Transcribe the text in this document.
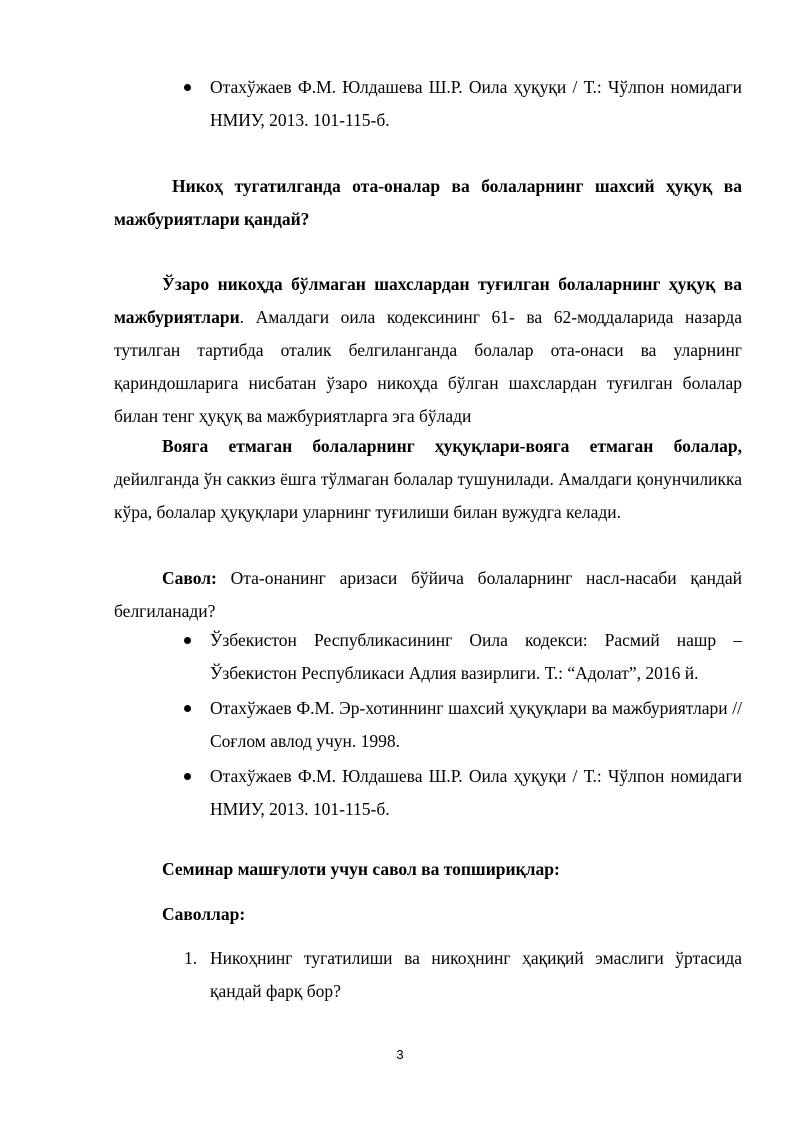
Отахўжаев Ф.М. Юлдашева Ш.Р. Оила ҳуқуқи / Т.: Чўлпон номидаги НМИУ, 2013. 101-115-б.
Никоҳ тугатилганда ота-оналар ва болаларнинг шахсий ҳуқуқ ва мажбуриятлари қандай?
Ўзаро никоҳда бўлмаган шахслардан туғилган болаларнинг ҳуқуқ ва мажбуриятлари. Амалдаги оила кодексининг 61- ва 62-моддаларида назарда тутилган тартибда оталик белгиланганда болалар ота-онаси ва уларнинг қариндошларига нисбатан ўзаро никоҳда бўлган шахслардан туғилган болалар билан тенг ҳуқуқ ва мажбуриятларга эга бўлади
Вояга етмаган болаларнинг ҳуқуқлари-вояга етмаган болалар, дейилганда ўн саккиз ёшга тўлмаган болалар тушунилади. Амалдаги қонунчиликка кўра, болалар ҳуқуқлари уларнинг туғилиши билан вужудга келади.
Савол: Ота-онанинг аризаси бўйича болаларнинг насл-насаби қандай белгиланади?
Ўзбекистон Республикасининг Оила кодекси: Расмий нашр – Ўзбекистон Республикаси Адлия вазирлиги. Т.: “Адолат”, 2016 й.
Отахўжаев Ф.М. Эр-хотиннинг шахсий ҳуқуқлари ва мажбуриятлари // Соғлом авлод учун. 1998.
Отахўжаев Ф.М. Юлдашева Ш.Р. Оила ҳуқуқи / Т.: Чўлпон номидаги НМИУ, 2013. 101-115-б.
Семинар машғулоти учун савол ва топшириқлар:
Саволлар:
1. Никоҳнинг тугатилиши ва никоҳнинг ҳақиқий эмаслиги ўртасида қандай фарқ бор?
3
